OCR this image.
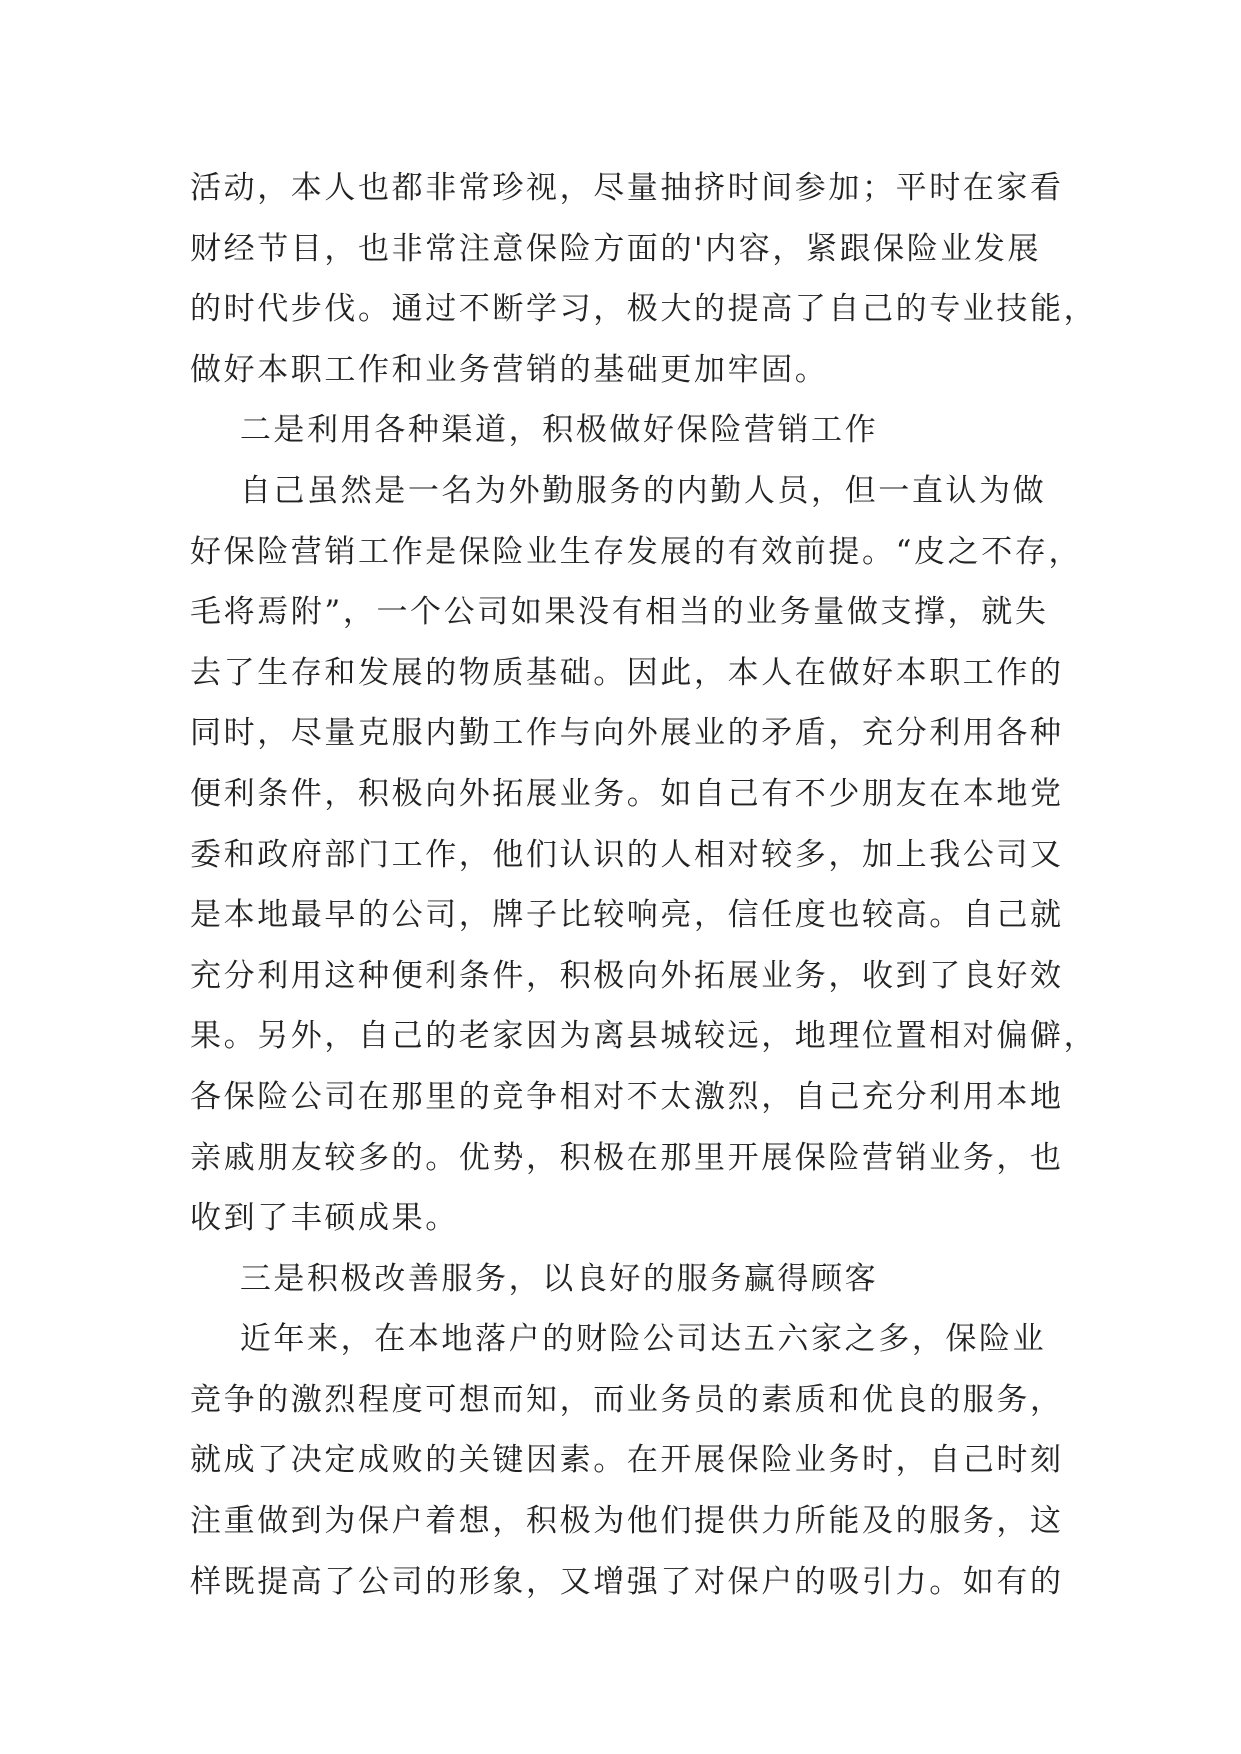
活动，本人也都非常珍视，尽量抽挤时间参加；平时在家看
财经节目，也非常注意保险方面的'内容，紧跟保险业发展
的时代步伐。通过不断学习，极大的提高了自己的专业技能，
做好本职工作和业务营销的基础更加牢固。
二是利用各种渠道，积极做好保险营销工作
自己虽然是一名为外勤服务的内勤人员，但一直认为做
好保险营销工作是保险业生存发展的有效前提。“皮之不存，
毛将焉附”，一个公司如果没有相当的业务量做支撑，就失
去了生存和发展的物质基础。因此，本人在做好本职工作的
同时，尽量克服内勤工作与向外展业的矛盾，充分利用各种
便利条件，积极向外拓展业务。如自己有不少朋友在本地党
委和政府部门工作，他们认识的人相对较多，加上我公司又
是本地最早的公司，牌子比较响亮，信任度也较高。自己就
充分利用这种便利条件，积极向外拓展业务，收到了良好效
果。另外，自己的老家因为离县城较远，地理位置相对偏僻，
各保险公司在那里的竞争相对不太激烈，自己充分利用本地
亲戚朋友较多的。优势，积极在那里开展保险营销业务，也
收到了丰硕成果。
三是积极改善服务，以良好的服务赢得顾客
近年来，在本地落户的财险公司达五六家之多，保险业
竞争的激烈程度可想而知，而业务员的素质和优良的服务，
就成了决定成败的关键因素。在开展保险业务时，自己时刻
注重做到为保户着想，积极为他们提供力所能及的服务，这
样既提高了公司的形象，又增强了对保户的吸引力。如有的
